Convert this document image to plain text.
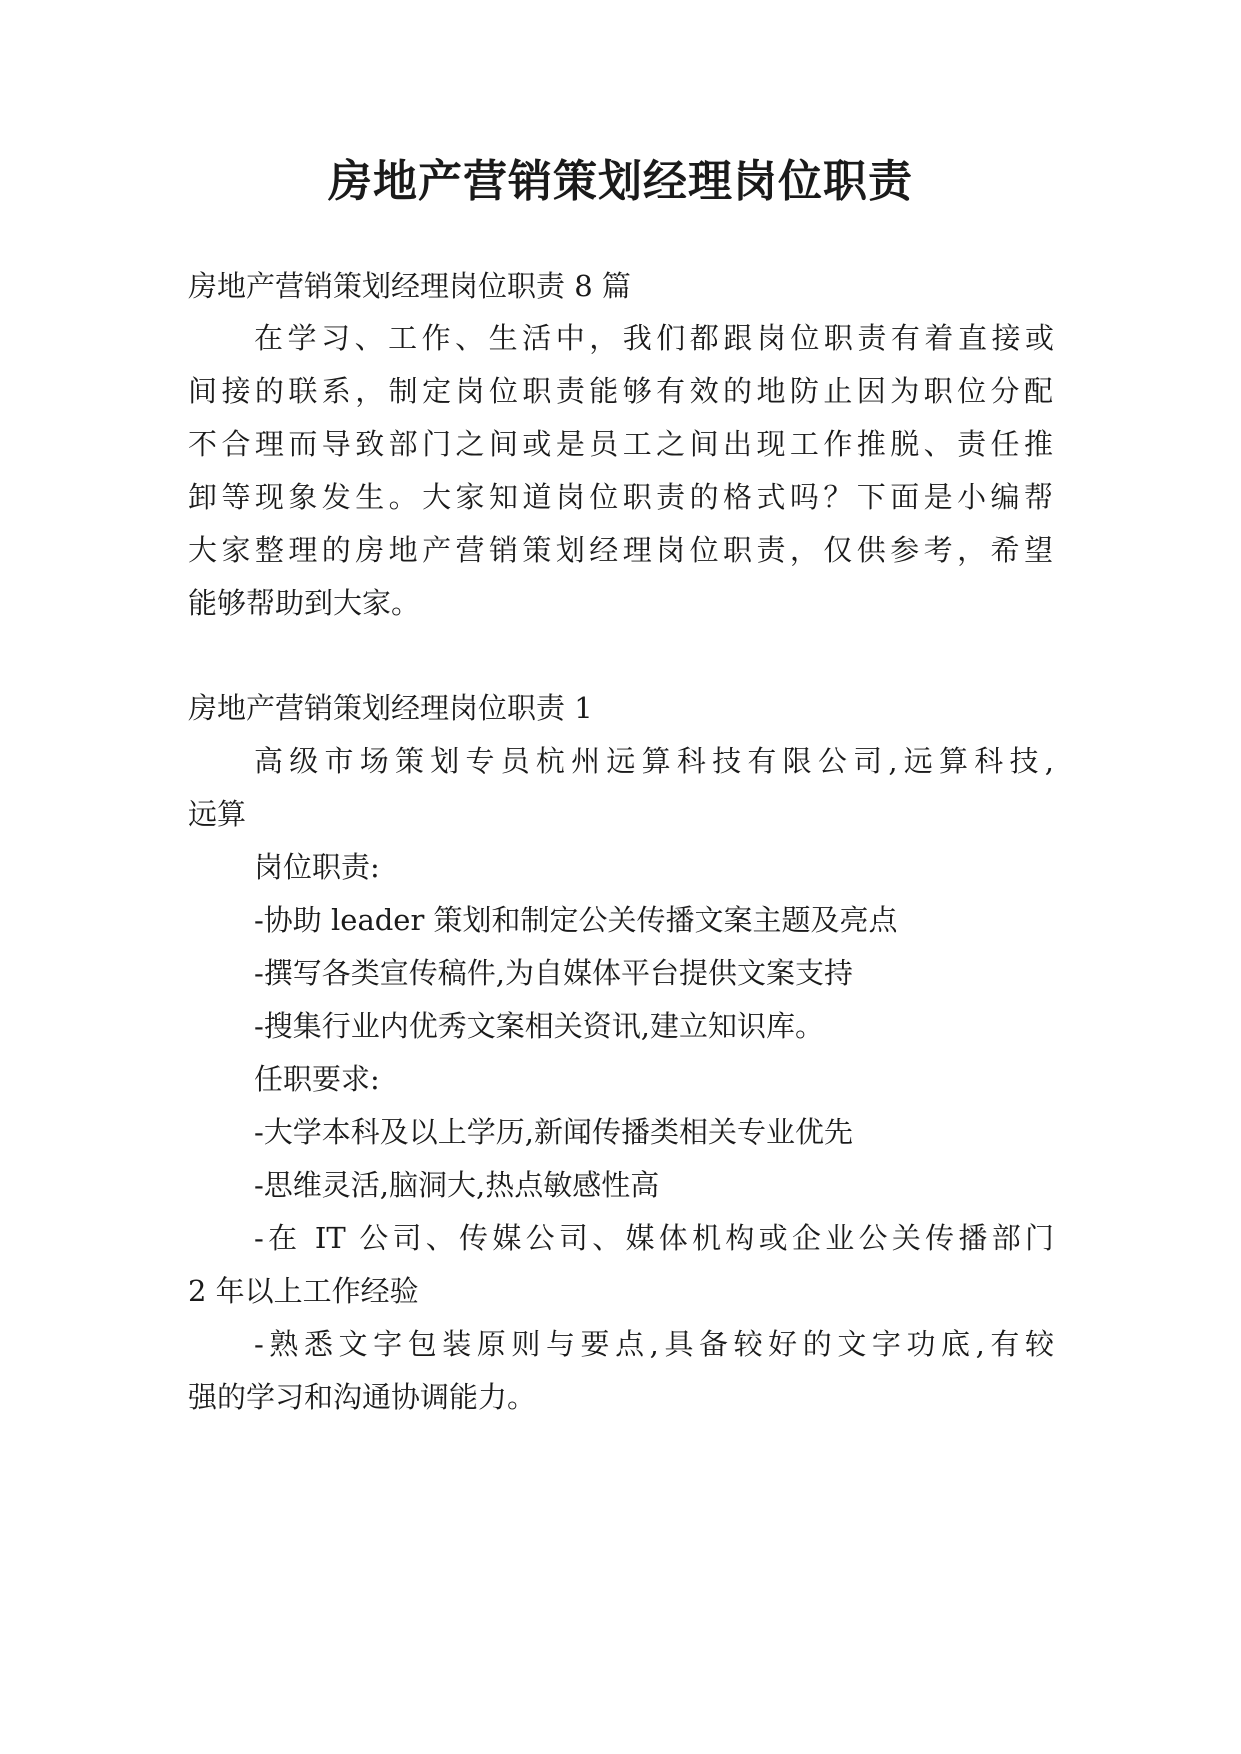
房地产营销策划经理岗位职责

房地产营销策划经理岗位职责 8 篇

在学习、工作、生活中，我们都跟岗位职责有着直接或

间接的联系，制定岗位职责能够有效的地防止因为职位分配

不合理而导致部门之间或是员工之间出现工作推脱、责任推

卸等现象发生。大家知道岗位职责的格式吗？下面是小编帮

大家整理的房地产营销策划经理岗位职责，仅供参考，希望

能够帮助到大家。

房地产营销策划经理岗位职责 1

高级市场策划专员杭州远算科技有限公司,远算科技,

远算

岗位职责:

-协助 leader 策划和制定公关传播文案主题及亮点

-撰写各类宣传稿件,为自媒体平台提供文案支持

-搜集行业内优秀文案相关资讯,建立知识库。

任职要求:

-大学本科及以上学历,新闻传播类相关专业优先

-思维灵活,脑洞大,热点敏感性高

-在 IT 公司、传媒公司、媒体机构或企业公关传播部门

2 年以上工作经验

-熟悉文字包装原则与要点,具备较好的文字功底,有较

强的学习和沟通协调能力。
